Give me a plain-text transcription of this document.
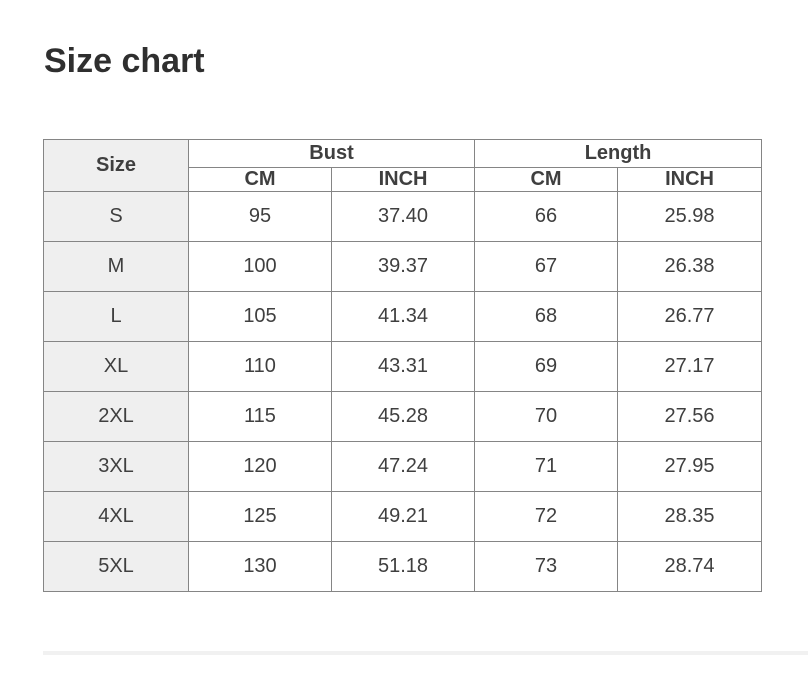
Size chart
Size	Bust		Length	
	CM	INCH	CM	INCH
S	95	37.40	66	25.98
M	100	39.37	67	26.38
L	105	41.34	68	26.77
XL	110	43.31	69	27.17
2XL	115	45.28	70	27.56
3XL	120	47.24	71	27.95
4XL	125	49.21	72	28.35
5XL	130	51.18	73	28.74
